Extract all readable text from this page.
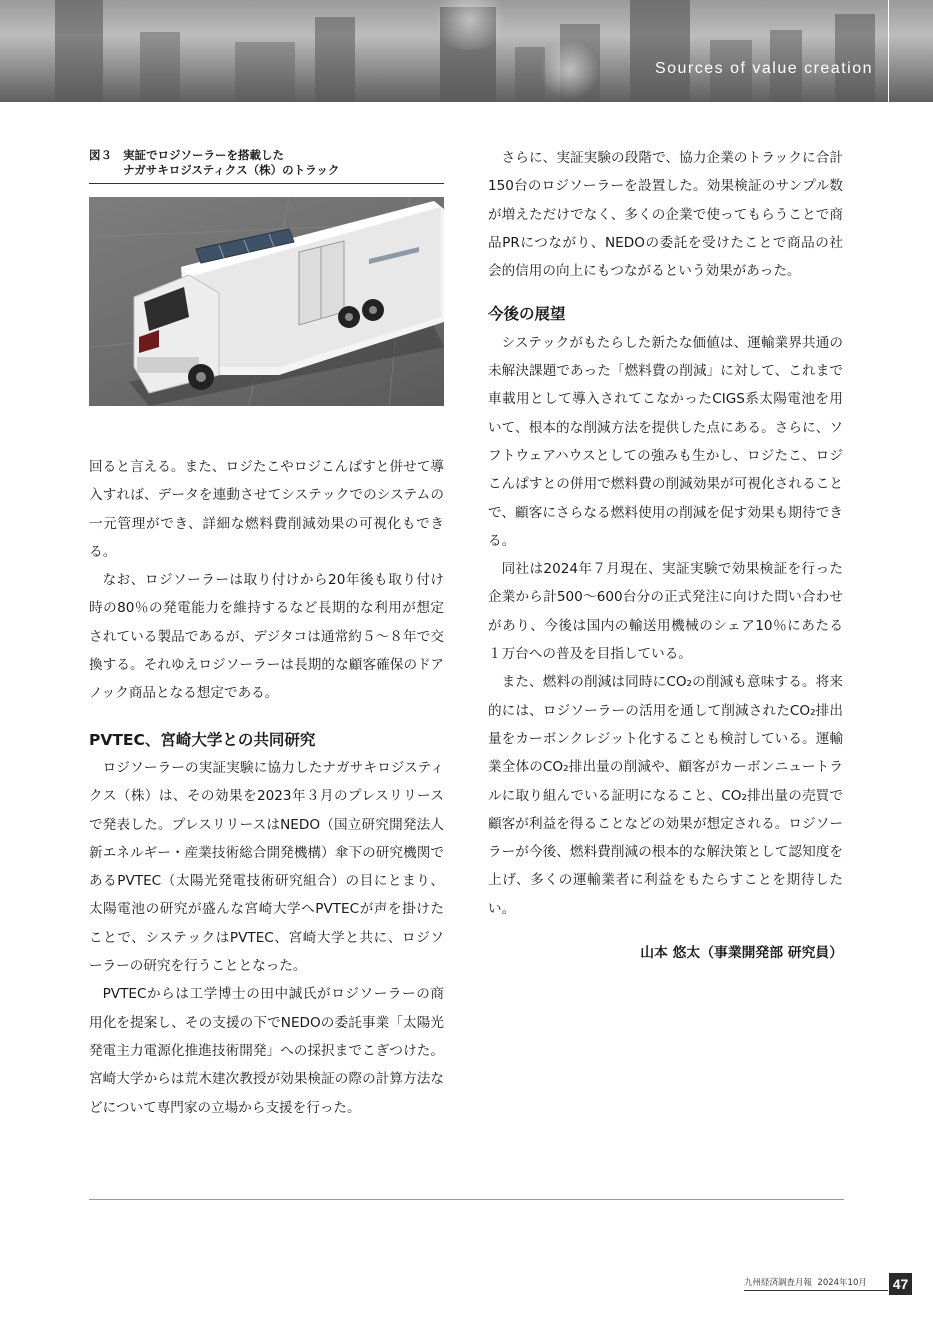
Sources of value creation
図３ 実証でロジソーラーを搭載した
ナガサキロジスティクス（株）のトラック

回ると言える。また、ロジたこやロジこんぱすと併せて導入すれば、データを連動させてシステックでのシステムの一元管理ができ、詳細な燃料費削減効果の可視化もできる。

なお、ロジソーラーは取り付けから20年後も取り付け時の80％の発電能力を維持するなど長期的な利用が想定されている製品であるが、デジタコは通常約５～８年で交換する。それゆえロジソーラーは長期的な顧客確保のドアノック商品となる想定である。

PVTEC、宮崎大学との共同研究

ロジソーラーの実証実験に協力したナガサキロジスティクス（株）は、その効果を2023年３月のプレスリリースで発表した。プレスリリースはNEDO（国立研究開発法人新エネルギー・産業技術総合開発機構）傘下の研究機関であるPVTEC（太陽光発電技術研究組合）の目にとまり、太陽電池の研究が盛んな宮崎大学へPVTECが声を掛けたことで、システックはPVTEC、宮崎大学と共に、ロジソーラーの研究を行うこととなった。

PVTECからは工学博士の田中誠氏がロジソーラーの商用化を提案し、その支援の下でNEDOの委託事業「太陽光発電主力電源化推進技術開発」への採択までこぎつけた。宮崎大学からは荒木建次教授が効果検証の際の計算方法などについて専門家の立場から支援を行った。

さらに、実証実験の段階で、協力企業のトラックに合計150台のロジソーラーを設置した。効果検証のサンプル数が増えただけでなく、多くの企業で使ってもらうことで商品PRにつながり、NEDOの委託を受けたことで商品の社会的信用の向上にもつながるという効果があった。

今後の展望

システックがもたらした新たな価値は、運輸業界共通の未解決課題であった「燃料費の削減」に対して、これまで車載用として導入されてこなかったCIGS系太陽電池を用いて、根本的な削減方法を提供した点にある。さらに、ソフトウェアハウスとしての強みも生かし、ロジたこ、ロジこんぱすとの併用で燃料費の削減効果が可視化されることで、顧客にさらなる燃料使用の削減を促す効果も期待できる。

同社は2024年７月現在、実証実験で効果検証を行った企業から計500～600台分の正式発注に向けた問い合わせがあり、今後は国内の輸送用機械のシェア10％にあたる１万台への普及を目指している。

また、燃料の削減は同時にCO₂の削減も意味する。将来的には、ロジソーラーの活用を通して削減されたCO₂排出量をカーボンクレジット化することも検討している。運輸業全体のCO₂排出量の削減や、顧客がカーボンニュートラルに取り組んでいる証明になること、CO₂排出量の売買で顧客が利益を得ることなどの効果が想定される。ロジソーラーが今後、燃料費削減の根本的な解決策として認知度を上げ、多くの運輸業者に利益をもたらすことを期待したい。

山本 悠太（事業開発部 研究員）
九州経済調査月報 2024年10月 47
